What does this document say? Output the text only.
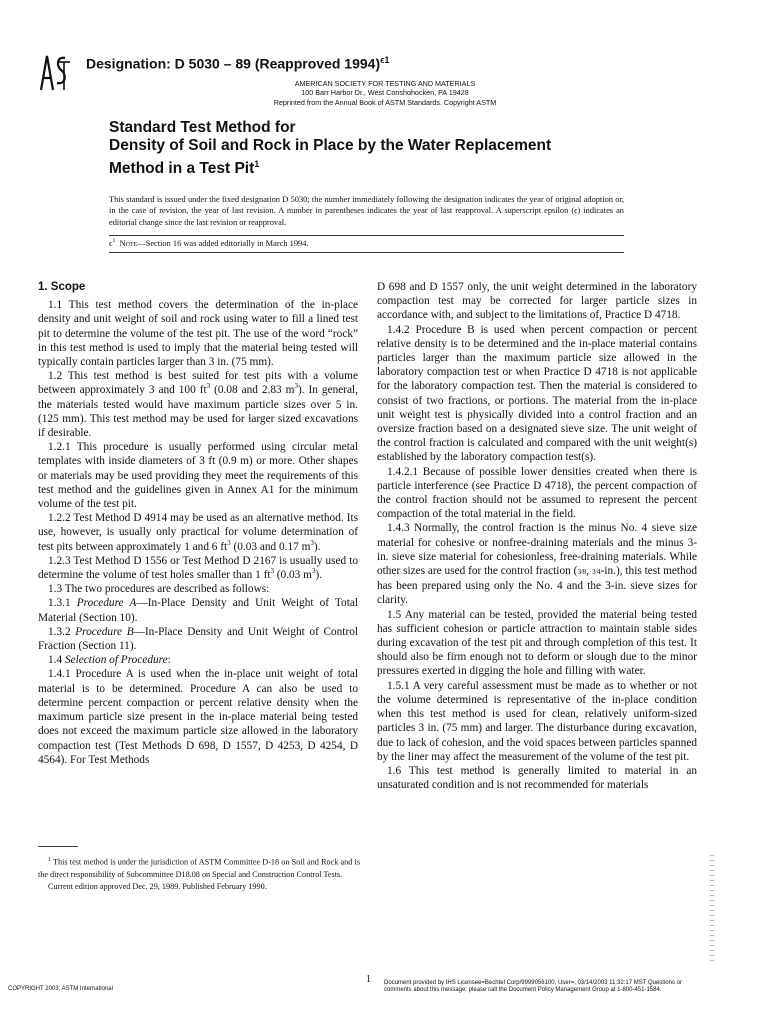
Designation: D 5030 – 89 (Reapproved 1994)$^{\epsilon 1}$
AMERICAN SOCIETY FOR TESTING AND MATERIALS
100 Barr Harbor Dr., West Conshohocken, PA 19428
Reprinted from the Annual Book of ASTM Standards. Copyright ASTM
Standard Test Method for
Density of Soil and Rock in Place by the Water Replacement
Method in a Test Pit$^1$
This standard is issued under the fixed designation D 5030; the number immediately following the designation indicates the year of original adoption or, in the case of revision, the year of last revision. A number in parentheses indicates the year of last reapproval. A superscript epsilon (ϵ) indicates an editorial change since the last revision or reapproval.
$\epsilon^1$ Note—Section 16 was added editorially in March 1994.
1. Scope

1.1 This test method covers the determination of the in-place density and unit weight of soil and rock using water to fill a lined test pit to determine the volume of the test pit. The use of the word “rock” in this test method is used to imply that the material being tested will typically contain particles larger than 3 in. (75 mm).

1.2 This test method is best suited for test pits with a volume between approximately 3 and 100 $ft^3$ (0.08 and 2.83 $m^3$). In general, the materials tested would have maximum particle sizes over 5 in. (125 mm). This test method may be used for larger sized excavations if desirable.

1.2.1 This procedure is usually performed using circular metal templates with inside diameters of 3 ft (0.9 m) or more. Other shapes or materials may be used providing they meet the requirements of this test method and the guidelines given in Annex A1 for the minimum volume of the test pit.

1.2.2 Test Method D 4914 may be used as an alternative method. Its use, however, is usually only practical for volume determination of test pits between approximately 1 and 6 $ft^3$ (0.03 and 0.17 $m^3$).

1.2.3 Test Method D 1556 or Test Method D 2167 is usually used to determine the volume of test holes smaller than 1 $ft^3$ (0.03 $m^3$).

1.3 The two procedures are described as follows:

1.3.1 Procedure A—In-Place Density and Unit Weight of Total Material (Section 10).

1.3.2 Procedure B—In-Place Density and Unit Weight of Control Fraction (Section 11).

1.4 Selection of Procedure:

1.4.1 Procedure A is used when the in-place unit weight of total material is to be determined. Procedure A can also be used to determine percent compaction or percent relative density when the maximum particle size present in the in-place material being tested does not exceed the maximum particle size allowed in the laboratory compaction test (Test Methods D 698, D 1557, D 4253, D 4254, D 4564). For Test Methods

D 698 and D 1557 only, the unit weight determined in the laboratory compaction test may be corrected for larger particle sizes in accordance with, and subject to the limitations of, Practice D 4718.

1.4.2 Procedure B is used when percent compaction or percent relative density is to be determined and the in-place material contains particles larger than the maximum particle size allowed in the laboratory compaction test or when Practice D 4718 is not applicable for the laboratory compaction test. Then the material is considered to consist of two fractions, or portions. The material from the in-place unit weight test is physically divided into a control fraction and an oversize fraction based on a designated sieve size. The unit weight of the control fraction is calculated and compared with the unit weight(s) established by the laboratory compaction test(s).

1.4.2.1 Because of possible lower densities created when there is particle interference (see Practice D 4718), the percent compaction of the control fraction should not be assumed to represent the percent compaction of the total material in the field.

1.4.3 Normally, the control fraction is the minus No. 4 sieve size material for cohesive or nonfree-draining materials and the minus 3-in. sieve size material for cohesionless, free-draining materials. While other sizes are used for the control fraction (3⁄8, 3⁄4-in.), this test method has been prepared using only the No. 4 and the 3-in. sieve sizes for clarity.

1.5 Any material can be tested, provided the material being tested has sufficient cohesion or particle attraction to maintain stable sides during excavation of the test pit and through completion of this test. It should also be firm enough not to deform or slough due to the minor pressures exerted in digging the hole and filling with water.

1.5.1 A very careful assessment must be made as to whether or not the volume determined is representative of the in-place condition when this test method is used for clean, relatively uniform-sized particles 3 in. (75 mm) and larger. The disturbance during excavation, due to lack of cohesion, and the void spaces between particles spanned by the liner may affect the measurement of the volume of the test pit.

1.6 This test method is generally limited to material in an unsaturated condition and is not recommended for materials

$^1$ This test method is under the jurisdiction of ASTM Committee D-18 on Soil and Rock and is the direct responsibility of Subcommittee D18.08 on Special and Construction Control Tests.

Current edition approved Dec. 29, 1989. Published February 1990.

1
COPYRIGHT 2003; ASTM International
Document provided by IHS Licensee=Bechtel Corp/9999056100, User=, 03/14/2003 11:32:17 MST Questions or comments about this message: please call the Document Policy Management Group at 1-800-451-1584.
